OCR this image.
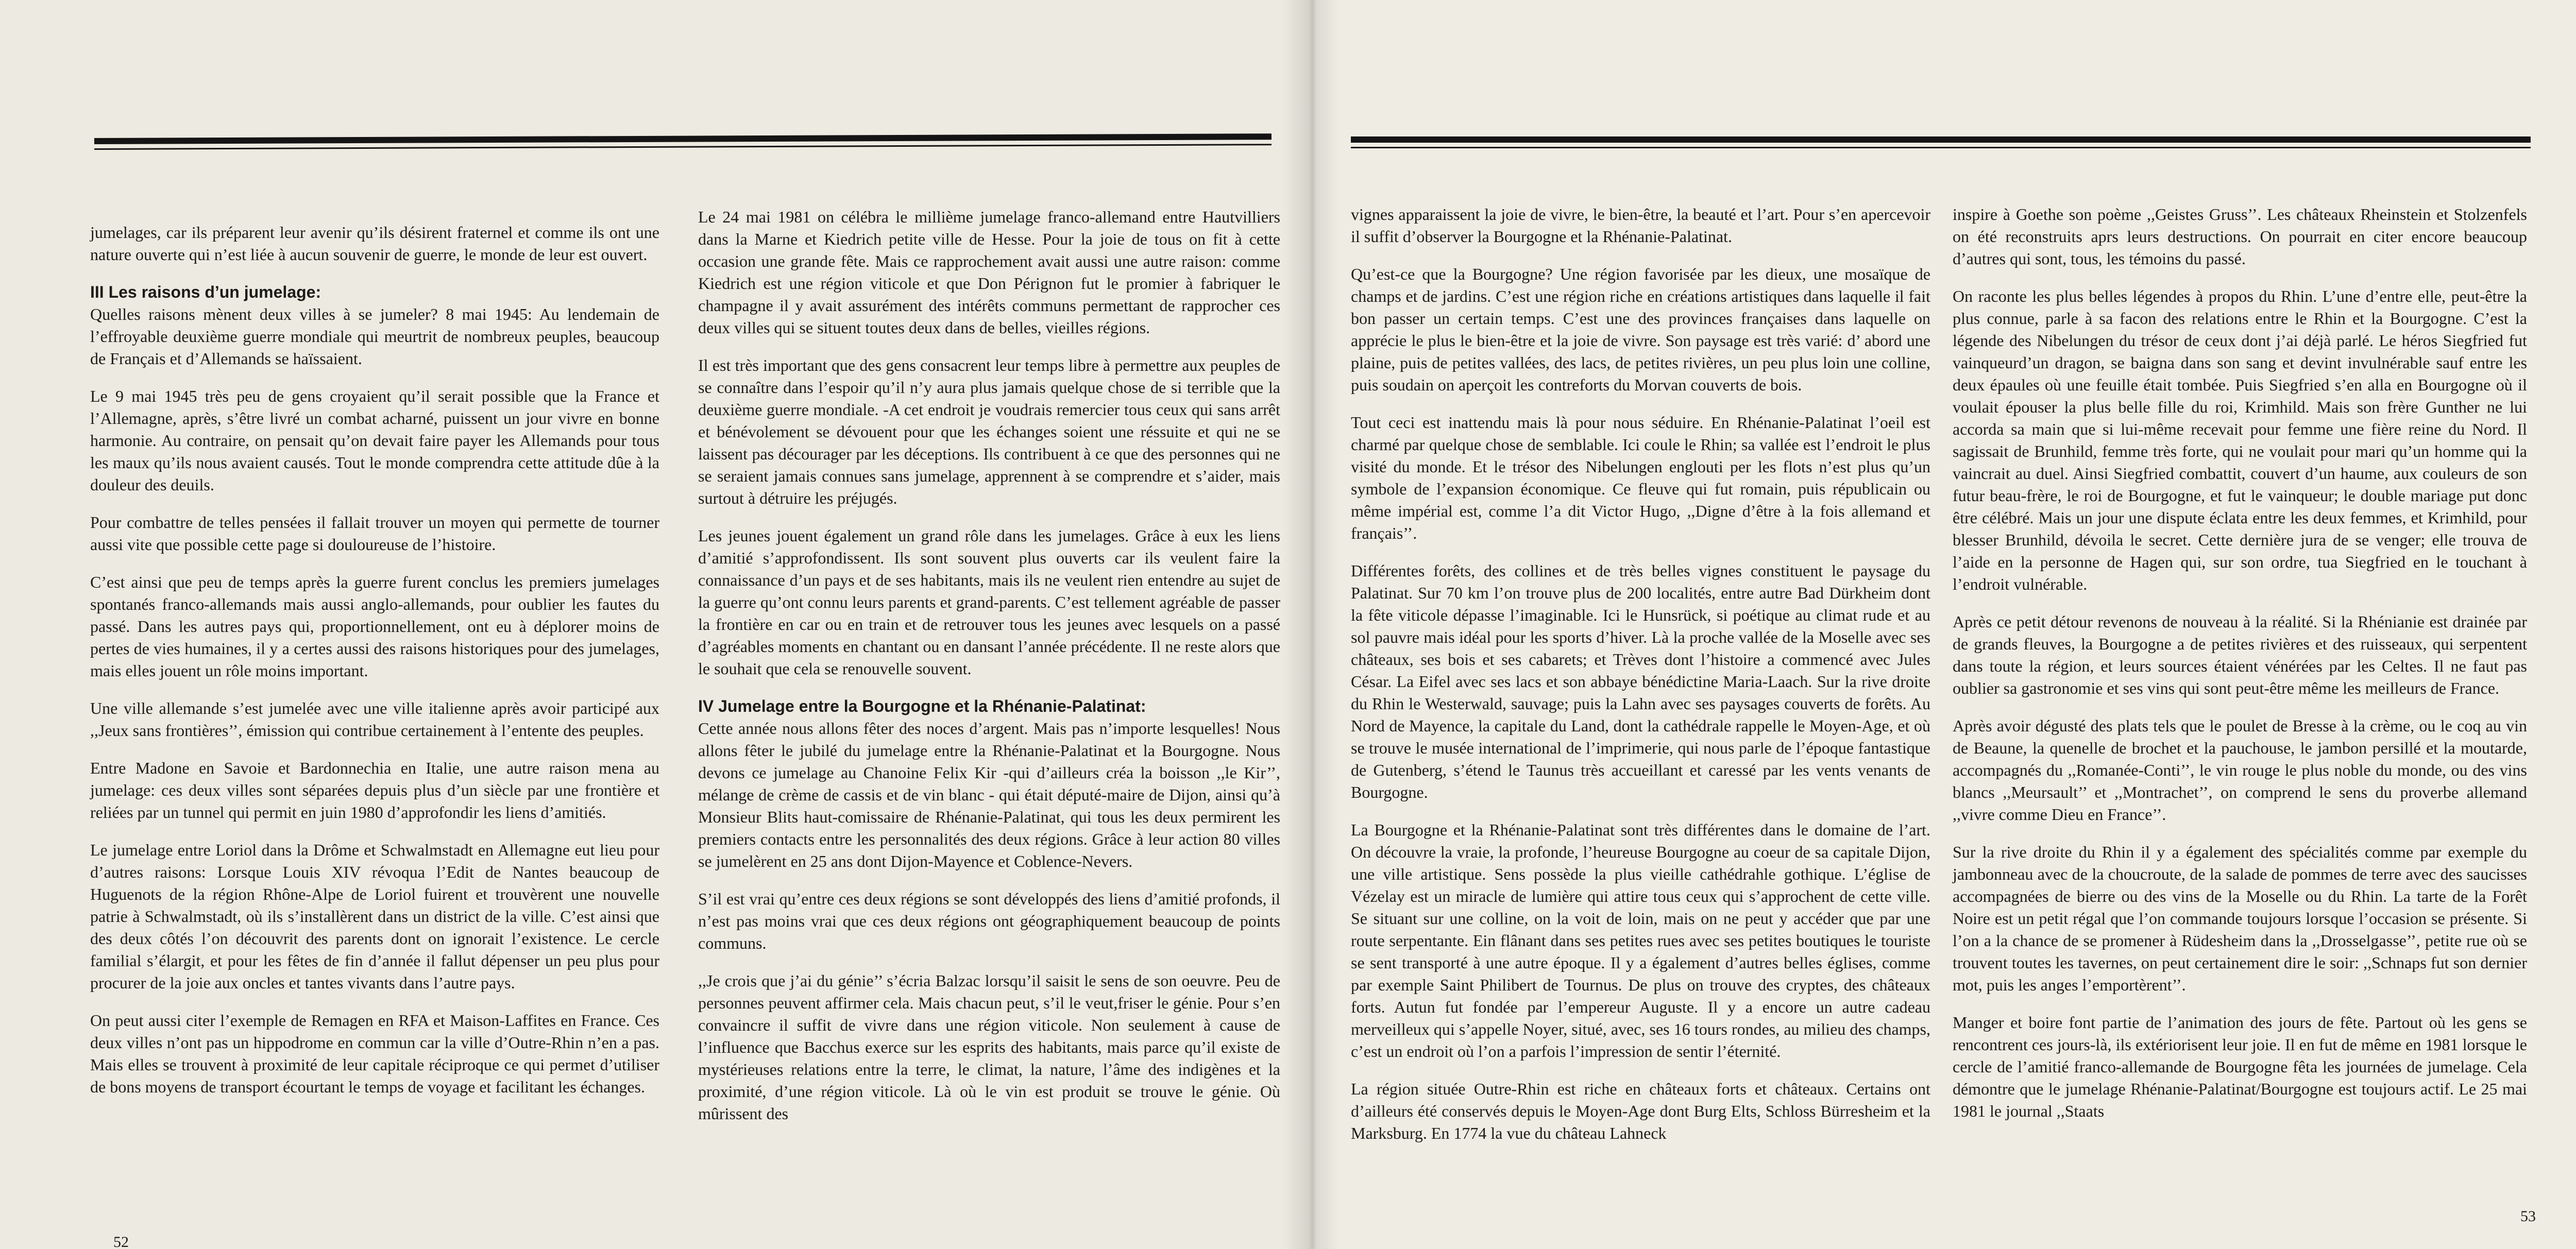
jumelages, car ils préparent leur avenir qu’ils désirent fraternel et comme ils ont une nature ouverte qui n’est liée à aucun souvenir de guerre, le monde de leur est ouvert.

III Les raisons d’un jumelage:

Quelles raisons mènent deux villes à se jumeler? 8 mai 1945: Au lendemain de l’effroyable deuxième guerre mondiale qui meurtrit de nombreux peuples, beaucoup de Français et d’Allemands se haïssaient.

Le 9 mai 1945 très peu de gens croyaient qu’il serait possible que la France et l’Allemagne, après, s’être livré un combat acharné, puissent un jour vivre en bonne harmonie. Au contraire, on pensait qu’on devait faire payer les Allemands pour tous les maux qu’ils nous avaient causés. Tout le monde comprendra cette attitude dûe à la douleur des deuils.

Pour combattre de telles pensées il fallait trouver un moyen qui permette de tourner aussi vite que possible cette page si douloureuse de l’histoire.

C’est ainsi que peu de temps après la guerre furent conclus les premiers jumelages spontanés franco-allemands mais aussi anglo-allemands, pour oublier les fautes du passé. Dans les autres pays qui, proportionnellement, ont eu à déplorer moins de pertes de vies humaines, il y a certes aussi des raisons historiques pour des jumelages, mais elles jouent un rôle moins important.

Une ville allemande s’est jumelée avec une ville italienne après avoir participé aux ,,Jeux sans frontières’’, émission qui contribue certainement à l’entente des peuples.

Entre Madone en Savoie et Bardonnechia en Italie, une autre raison mena au jumelage: ces deux villes sont séparées depuis plus d’un siècle par une frontière et reliées par un tunnel qui permit en juin 1980 d’approfondir les liens d’amitiés.

Le jumelage entre Loriol dans la Drôme et Schwalmstadt en Allemagne eut lieu pour d’autres raisons: Lorsque Louis XIV révoqua l’Edit de Nantes beaucoup de Huguenots de la région Rhône-Alpe de Loriol fuirent et trouvèrent une nouvelle patrie à Schwalmstadt, où ils s’installèrent dans un district de la ville. C’est ainsi que des deux côtés l’on découvrit des parents dont on ignorait l’existence. Le cercle familial s’élargit, et pour les fêtes de fin d’année il fallut dépenser un peu plus pour procurer de la joie aux oncles et tantes vivants dans l’autre pays.

On peut aussi citer l’exemple de Remagen en RFA et Maison-Laffites en France. Ces deux villes n’ont pas un hippodrome en commun car la ville d’Outre-Rhin n’en a pas. Mais elles se trouvent à proximité de leur capitale réciproque ce qui permet d’utiliser de bons moyens de transport écourtant le temps de voyage et facilitant les échanges.

Le 24 mai 1981 on célébra le millième jumelage franco-allemand entre Hautvilliers dans la Marne et Kiedrich petite ville de Hesse. Pour la joie de tous on fit à cette occasion une grande fête. Mais ce rapprochement avait aussi une autre raison: comme Kiedrich est une région viticole et que Don Pérignon fut le promier à fabriquer le champagne il y avait assurément des intérêts communs permettant de rapprocher ces deux villes qui se situent toutes deux dans de belles, vieilles régions.

Il est très important que des gens consacrent leur temps libre à permettre aux peuples de se connaître dans l’espoir qu’il n’y aura plus jamais quelque chose de si terrible que la deuxième guerre mondiale. -A cet endroit je voudrais remercier tous ceux qui sans arrêt et bénévolement se dévouent pour que les échanges soient une réssuite et qui ne se laissent pas décourager par les déceptions. Ils contribuent à ce que des personnes qui ne se seraient jamais connues sans jumelage, apprennent à se comprendre et s’aider, mais surtout à détruire les préjugés.

Les jeunes jouent également un grand rôle dans les jumelages. Grâce à eux les liens d’amitié s’approfondissent. Ils sont souvent plus ouverts car ils veulent faire la connaissance d’un pays et de ses habitants, mais ils ne veulent rien entendre au sujet de la guerre qu’ont connu leurs parents et grand-parents. C’est tellement agréable de passer la frontière en car ou en train et de retrouver tous les jeunes avec lesquels on a passé d’agréables moments en chantant ou en dansant l’année précédente. Il ne reste alors que le souhait que cela se renouvelle souvent.

IV Jumelage entre la Bourgogne et la Rhénanie-Palatinat:

Cette année nous allons fêter des noces d’argent. Mais pas n’importe lesquelles! Nous allons fêter le jubilé du jumelage entre la Rhénanie-Palatinat et la Bourgogne. Nous devons ce jumelage au Chanoine Felix Kir -qui d’ailleurs créa la boisson ,,le Kir’’, mélange de crème de cassis et de vin blanc - qui était député-maire de Dijon, ainsi qu’à Monsieur Blits haut-comissaire de Rhénanie-Palatinat, qui tous les deux permirent les premiers contacts entre les personnalités des deux régions. Grâce à leur action 80 villes se jumelèrent en 25 ans dont Dijon-Mayence et Coblence-Nevers.

S’il est vrai qu’entre ces deux régions se sont développés des liens d’amitié profonds, il n’est pas moins vrai que ces deux régions ont géographiquement beaucoup de points communs.

,,Je crois que j’ai du génie’’ s’écria Balzac lorsqu’il saisit le sens de son oeuvre. Peu de personnes peuvent affirmer cela. Mais chacun peut, s’il le veut,friser le génie. Pour s’en convaincre il suffit de vivre dans une région viticole. Non seulement à cause de l’influence que Bacchus exerce sur les esprits des habitants, mais parce qu’il existe de mystérieuses relations entre la terre, le climat, la nature, l’âme des indigènes et la proximité, d’une région viticole. Là où le vin est produit se trouve le génie. Où mûrissent des

52

vignes apparaissent la joie de vivre, le bien-être, la beauté et l’art. Pour s’en apercevoir il suffit d’observer la Bourgogne et la Rhénanie-Palatinat.

Qu’est-ce que la Bourgogne? Une région favorisée par les dieux, une mosaïque de champs et de jardins. C’est une région riche en créations artistiques dans laquelle il fait bon passer un certain temps. C’est une des provinces françaises dans laquelle on apprécie le plus le bien-être et la joie de vivre. Son paysage est très varié: d’ abord une plaine, puis de petites vallées, des lacs, de petites rivières, un peu plus loin une colline, puis soudain on aperçoit les contreforts du Morvan couverts de bois.

Tout ceci est inattendu mais là pour nous séduire. En Rhénanie-Palatinat l’oeil est charmé par quelque chose de semblable. Ici coule le Rhin; sa vallée est l’endroit le plus visité du monde. Et le trésor des Nibelungen englouti per les flots n’est plus qu’un symbole de l’expansion économique. Ce fleuve qui fut romain, puis républicain ou même impérial est, comme l’a dit Victor Hugo, ,,Digne d’être à la fois allemand et français’’.

Différentes forêts, des collines et de très belles vignes constituent le paysage du Palatinat. Sur 70 km l’on trouve plus de 200 localités, entre autre Bad Dürkheim dont la fête viticole dépasse l’imaginable. Ici le Hunsrück, si poétique au climat rude et au sol pauvre mais idéal pour les sports d’hiver. Là la proche vallée de la Moselle avec ses châteaux, ses bois et ses cabarets; et Trèves dont l’histoire a commencé avec Jules César. La Eifel avec ses lacs et son abbaye bénédictine Maria-Laach. Sur la rive droite du Rhin le Westerwald, sauvage; puis la Lahn avec ses paysages couverts de forêts. Au Nord de Mayence, la capitale du Land, dont la cathédrale rappelle le Moyen-Age, et où se trouve le musée international de l’imprimerie, qui nous parle de l’époque fantastique de Gutenberg, s’étend le Taunus très accueillant et caressé par les vents venants de Bourgogne.

La Bourgogne et la Rhénanie-Palatinat sont très différentes dans le domaine de l’art. On découvre la vraie, la profonde, l’heureuse Bourgogne au coeur de sa capitale Dijon, une ville artistique. Sens possède la plus vieille cathédrahle gothique. L’église de Vézelay est un miracle de lumière qui attire tous ceux qui s’approchent de cette ville. Se situant sur une colline, on la voit de loin, mais on ne peut y accéder que par une route serpentante. Ein flânant dans ses petites rues avec ses petites boutiques le touriste se sent transporté à une autre époque. Il y a également d’autres belles églises, comme par exemple Saint Philibert de Tournus. De plus on trouve des cryptes, des châteaux forts. Autun fut fondée par l’empereur Auguste. Il y a encore un autre cadeau merveilleux qui s’appelle Noyer, situé, avec, ses 16 tours rondes, au milieu des champs, c’est un endroit où l’on a parfois l’impression de sentir l’éternité.

La région située Outre-Rhin est riche en châteaux forts et châteaux. Certains ont d’ailleurs été conservés depuis le Moyen-Age dont Burg Elts, Schloss Bürresheim et la Marksburg. En 1774 la vue du château Lahneck

inspire à Goethe son poème ,,Geistes Gruss’’. Les châteaux Rheinstein et Stolzenfels on été reconstruits aprs leurs destructions. On pourrait en citer encore beaucoup d’autres qui sont, tous, les témoins du passé.

On raconte les plus belles légendes à propos du Rhin. L’une d’entre elle, peut-être la plus connue, parle à sa facon des relations entre le Rhin et la Bourgogne. C’est la légende des Nibelungen du trésor de ceux dont j’ai déjà parlé. Le héros Siegfried fut vainqueurd’un dragon, se baigna dans son sang et devint invulnérable sauf entre les deux épaules où une feuille était tombée. Puis Siegfried s’en alla en Bourgogne où il voulait épouser la plus belle fille du roi, Krimhild. Mais son frère Gunther ne lui accorda sa main que si lui-même recevait pour femme une fière reine du Nord. Il sagissait de Brunhild, femme très forte, qui ne voulait pour mari qu’un homme qui la vaincrait au duel. Ainsi Siegfried combattit, couvert d’un haume, aux couleurs de son futur beau-frère, le roi de Bourgogne, et fut le vainqueur; le double mariage put donc être célébré. Mais un jour une dispute éclata entre les deux femmes, et Krimhild, pour blesser Brunhild, dévoila le secret. Cette dernière jura de se venger; elle trouva de l’aide en la personne de Hagen qui, sur son ordre, tua Siegfried en le touchant à l’endroit vulnérable.

Après ce petit détour revenons de nouveau à la réalité. Si la Rhénianie est drainée par de grands fleuves, la Bourgogne a de petites rivières et des ruisseaux, qui serpentent dans toute la région, et leurs sources étaient vénérées par les Celtes. Il ne faut pas oublier sa gastronomie et ses vins qui sont peut-être même les meilleurs de France.

Après avoir dégusté des plats tels que le poulet de Bresse à la crème, ou le coq au vin de Beaune, la quenelle de brochet et la pauchouse, le jambon persillé et la moutarde, accompagnés du ,,Romanée-Conti’’, le vin rouge le plus noble du monde, ou des vins blancs ,,Meursault’’ et ,,Montrachet’’, on comprend le sens du proverbe allemand ,,vivre comme Dieu en France’’.

Sur la rive droite du Rhin il y a également des spécialités comme par exemple du jambonneau avec de la choucroute, de la salade de pommes de terre avec des saucisses accompagnées de bierre ou des vins de la Moselle ou du Rhin. La tarte de la Forêt Noire est un petit régal que l’on commande toujours lorsque l’occasion se présente. Si l’on a la chance de se promener à Rüdesheim dans la ,,Drosselgasse’’, petite rue où se trouvent toutes les tavernes, on peut certainement dire le soir: ,,Schnaps fut son dernier mot, puis les anges l’emportèrent’’.

Manger et boire font partie de l’animation des jours de fête. Partout où les gens se rencontrent ces jours-là, ils extériorisent leur joie. Il en fut de même en 1981 lorsque le cercle de l’amitié franco-allemande de Bourgogne fêta les journées de jumelage. Cela démontre que le jumelage Rhénanie-Palatinat/Bourgogne est toujours actif. Le 25 mai 1981 le journal ,,Staats

53
